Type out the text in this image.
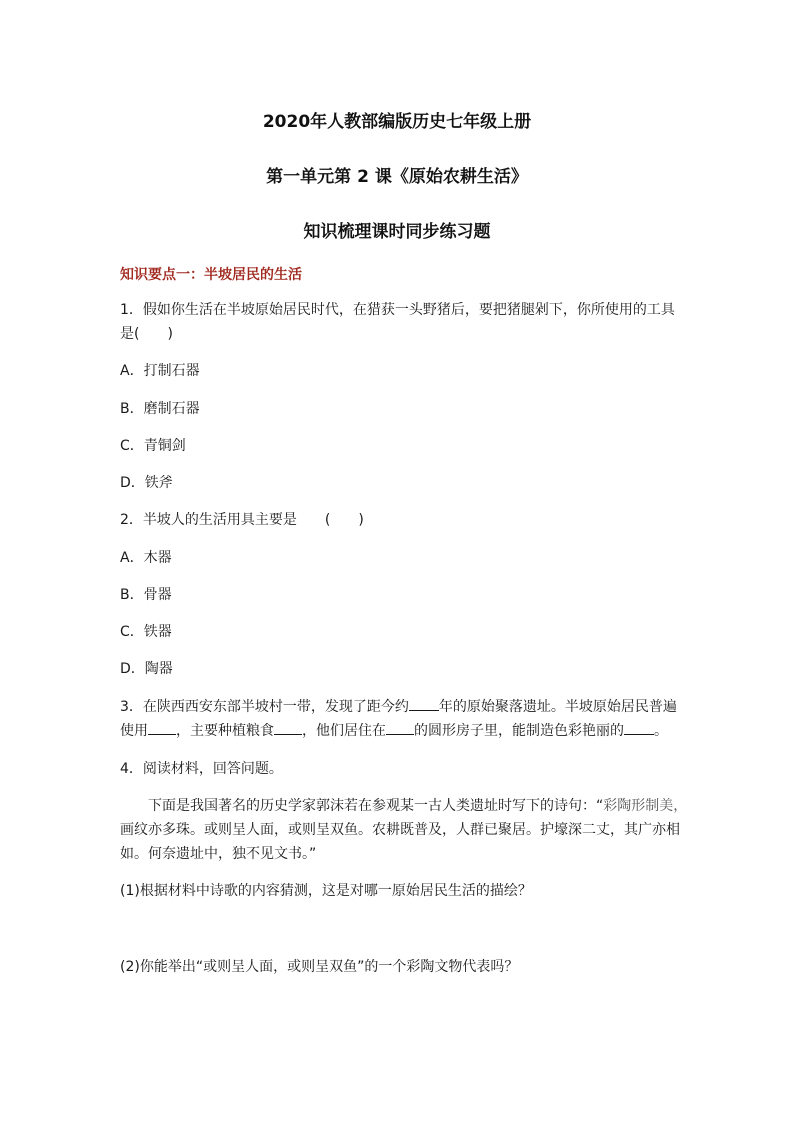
2020年人教部编版历史七年级上册
第一单元第 2 课《原始农耕生活》
知识梳理课时同步练习题
知识要点一：半坡居民的生活
1．假如你生活在半坡原始居民时代，在猎获一头野猪后，要把猪腿剁下，你所使用的工具
是(　　)
A．打制石器
B．磨制石器
C．青铜剑
D．铁斧
2．半坡人的生活用具主要是　　(　　)
A．木器
B．骨器
C．铁器
D．陶器
3．在陕西西安东部半坡村一带，发现了距今约 年的原始聚落遗址。半坡原始居民普遍
使用 ，主要种植粮食 ，他们居住在 的圆形房子里，能制造色彩艳丽的 。
4．阅读材料，回答问题。
下面是我国著名的历史学家郭沫若在参观某一古人类遗址时写下的诗句：“彩陶形制美，
画纹亦多珠。或则呈人面，或则呈双鱼。农耕既普及，人群已聚居。护壕深二丈，其广亦相
如。何奈遗址中，独不见文书。”
(1)根据材料中诗歌的内容猜测，这是对哪一原始居民生活的描绘？
(2)你能举出“或则呈人面，或则呈双鱼”的一个彩陶文物代表吗？
